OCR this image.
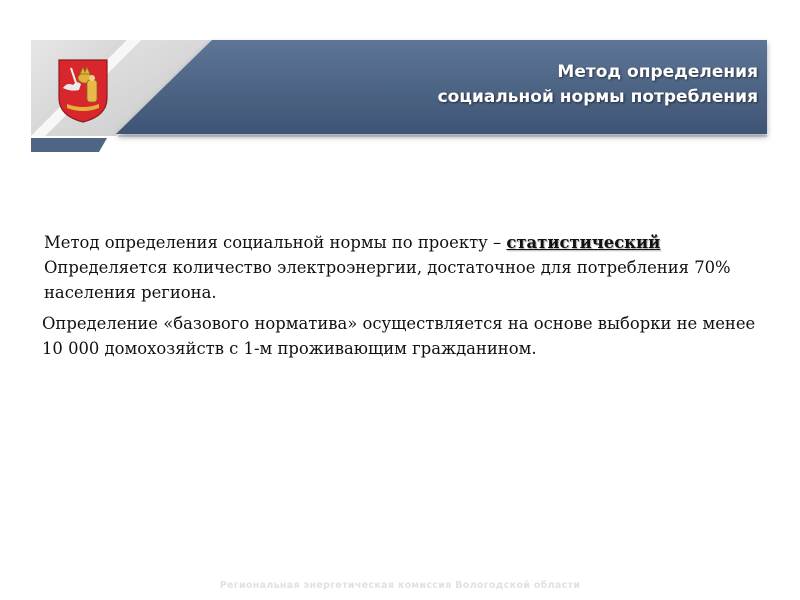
Метод определения
социальной нормы потребления

Метод определения социальной нормы по проекту – статистический
Определяется количество электроэнергии, достаточное для потребления 70% населения региона.

Определение «базового норматива» осуществляется на основе выборки не менее 10 000 домохозяйств с 1-м проживающим гражданином.

Региональная энергетическая комиссия Вологодской области
